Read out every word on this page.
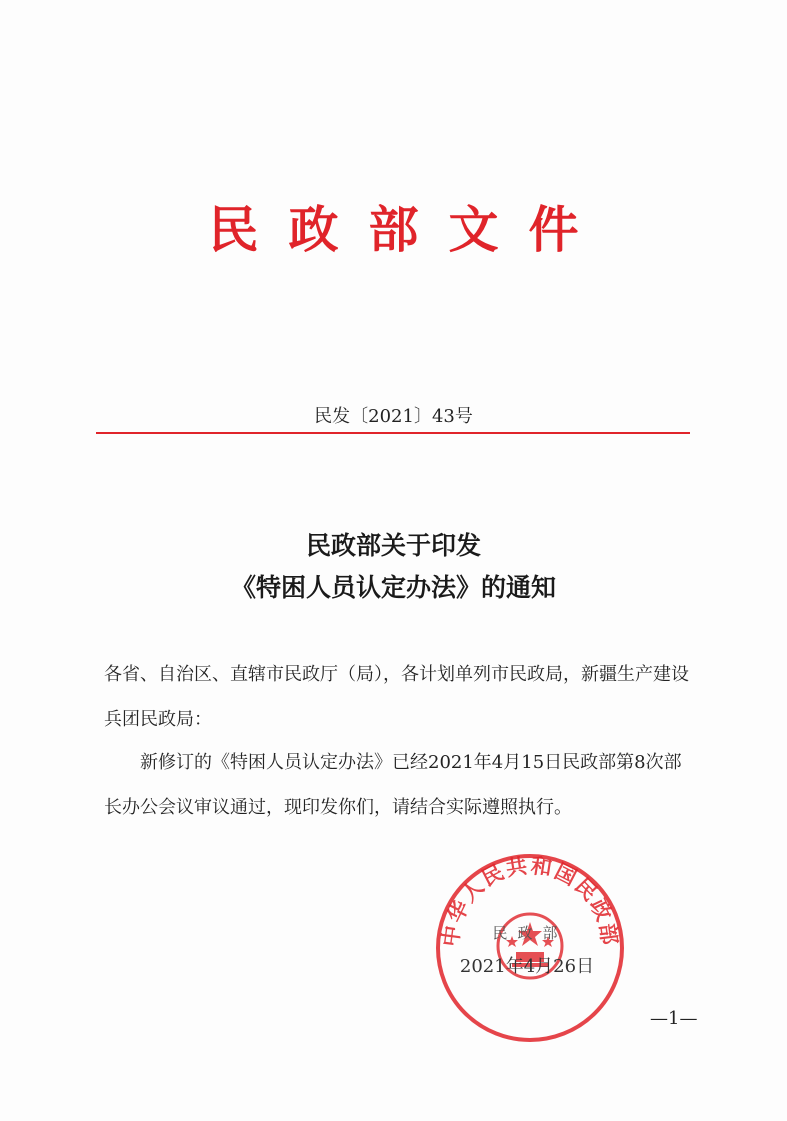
民政部文件
民发〔2021〕43号
民政部关于印发
《特困人员认定办法》的通知
各省、自治区、直辖市民政厅（局），各计划单列市民政局，新疆生产建设兵团民政局：
新修订的《特困人员认定办法》已经2021年4月15日民政部第8次部长办公会议审议通过，现印发你们，请结合实际遵照执行。
中华人民共和国民政部
民政部
2021年4月26日
—1—
